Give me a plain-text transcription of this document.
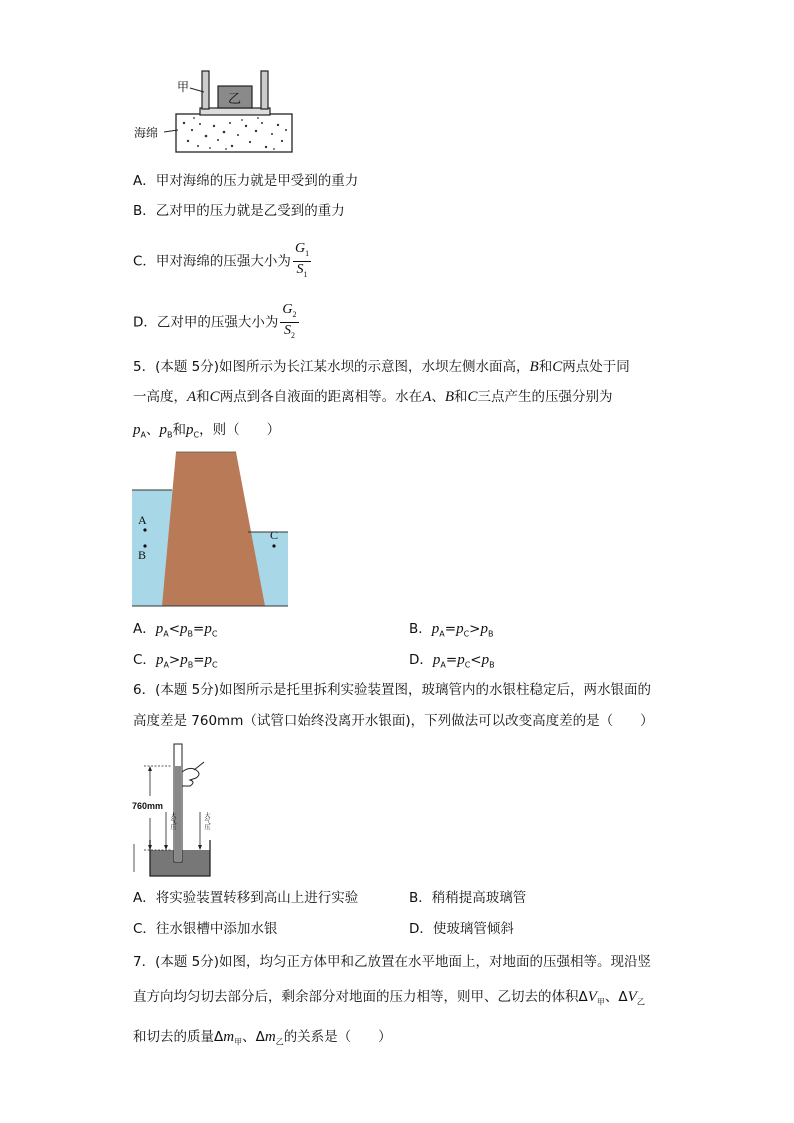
甲
乙
海绵
A．甲对海绵的压力就是甲受到的重力
B．乙对甲的压力就是乙受到的重力
C．甲对海绵的压强大小为 $\frac{G_1}{S_1}$
D．乙对甲的压强大小为 $\frac{G_2}{S_2}$
5．(本题 5分)如图所示为长江某水坝的示意图，水坝左侧水面高，B和C两点处于同
一高度，A和C两点到各自液面的距离相等。水在A、B和C三点产生的压强分别为
$p_A$、$p_B$和$p_C$，则（　　）
A
B
C
A．$p_A<p_B=p_C$	B．$p_A=p_C>p_B$
C．$p_A>p_B=p_C$	D．$p_A=p_C<p_B$
6．(本题 5分)如图所示是托里拆利实验装置图，玻璃管内的水银柱稳定后，两水银面的
高度差是 760mm（试管口始终没离开水银面)，下列做法可以改变高度差的是（　　）
760mm
大气压	大气压
A．将实验装置转移到高山上进行实验	B．稍稍提高玻璃管
C．往水银槽中添加水银	D．使玻璃管倾斜
7．(本题 5分)如图，均匀正方体甲和乙放置在水平地面上，对地面的压强相等。现沿竖
直方向均匀切去部分后，剩余部分对地面的压力相等，则甲、乙切去的体积$\Delta V_甲$、$\Delta V_乙$
和切去的质量$\Delta m_甲$、$\Delta m_乙$的关系是（　　）
